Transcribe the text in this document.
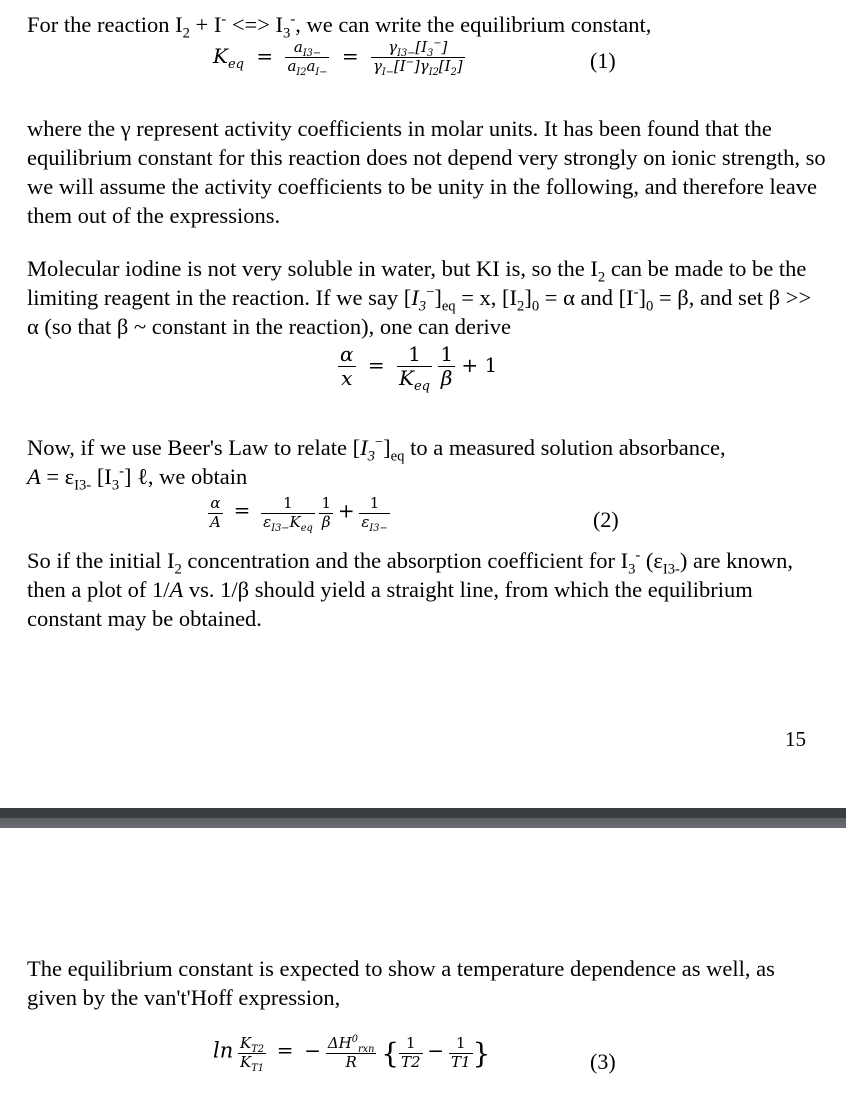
For the reaction $I_2 + I^-$ <=> $I_3^-$, we can write the equilibrium constant,

$K_{eq} = \frac{a_{I3-}}{a_{I2}a_{I-}} = \frac{\gamma_{I3-}[I_3^-]}{\gamma_{I-}[I^-]\gamma_{I2}[I_2]}$	(1)

where the γ represent activity coefficients in molar units. It has been found that the equilibrium constant for this reaction does not depend very strongly on ionic strength, so we will assume the activity coefficients to be unity in the following, and therefore leave them out of the expressions.

Molecular iodine is not very soluble in water, but KI is, so the $I_2$ can be made to be the limiting reagent in the reaction. If we say $[I_3^-]_{eq} = x$, $[I_2]_0 = \alpha$ and $[I^-]_0 = \beta$, and set β >> α (so that β ~ constant in the reaction), one can derive

$\frac{\alpha}{x} = \frac{1}{K_{eq}}$
$\frac{1}{\beta} + 1$

Now, if we use Beer's Law to relate $[I_3^-]_{eq}$ to a measured solution absorbance,
$A = \varepsilon_{I3-}$ $[I_3^-]$ ℓ, we obtain

$\frac{\alpha}{A} = \frac{1}{\varepsilon_{I3-}K_{eq}}$
$\frac{1}{\beta} + \frac{1}{\varepsilon_{I3-}}$	(2)

So if the initial $I_2$ concentration and the absorption coefficient for $I_3^-$ $(\varepsilon_{I3-})$ are known, then a plot of 1/A vs. 1/β should yield a straight line, from which the equilibrium constant may be obtained.

15

The equilibrium constant is expected to show a temperature dependence as well, as given by the van't'Hoff expression,

$\ln \frac{K_{T2}}{K_{T1}}$ = − $\frac{\Delta H^0_{rxn}}{R}$ { $\frac{1}{T2} - \frac{1}{T1}$ }	(3)
